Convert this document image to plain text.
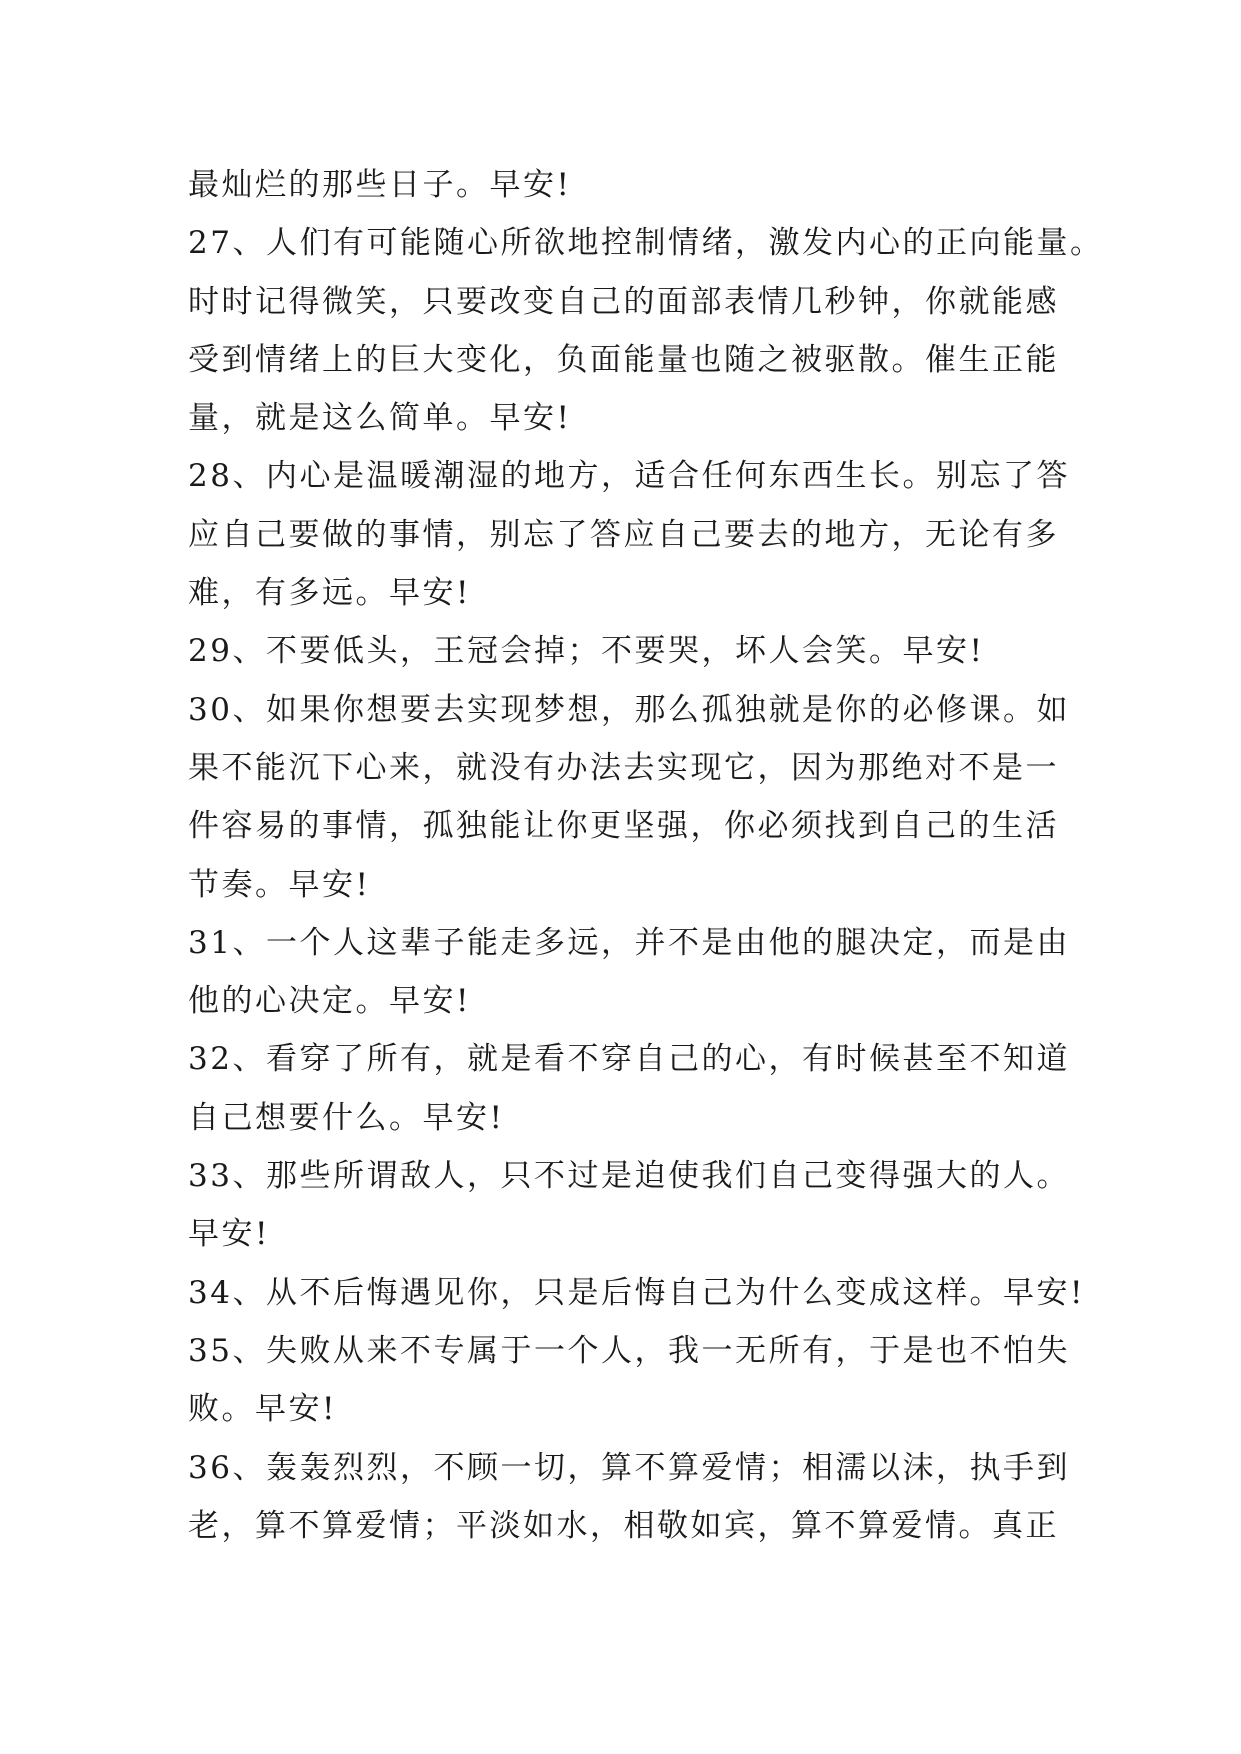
最灿烂的那些日子。早安!
27、人们有可能随心所欲地控制情绪，激发内心的正向能量。
时时记得微笑，只要改变自己的面部表情几秒钟，你就能感
受到情绪上的巨大变化，负面能量也随之被驱散。催生正能
量，就是这么简单。早安!
28、内心是温暖潮湿的地方，适合任何东西生长。别忘了答
应自己要做的事情，别忘了答应自己要去的地方，无论有多
难，有多远。早安!
29、不要低头，王冠会掉；不要哭，坏人会笑。早安!
30、如果你想要去实现梦想，那么孤独就是你的必修课。如
果不能沉下心来，就没有办法去实现它，因为那绝对不是一
件容易的事情，孤独能让你更坚强，你必须找到自己的生活
节奏。早安!
31、一个人这辈子能走多远，并不是由他的腿决定，而是由
他的心决定。早安!
32、看穿了所有，就是看不穿自己的心，有时候甚至不知道
自己想要什么。早安!
33、那些所谓敌人，只不过是迫使我们自己变得强大的人。
早安!
34、从不后悔遇见你，只是后悔自己为什么变成这样。早安!
35、失败从来不专属于一个人，我一无所有，于是也不怕失
败。早安!
36、轰轰烈烈，不顾一切，算不算爱情；相濡以沫，执手到
老，算不算爱情；平淡如水，相敬如宾，算不算爱情。真正
